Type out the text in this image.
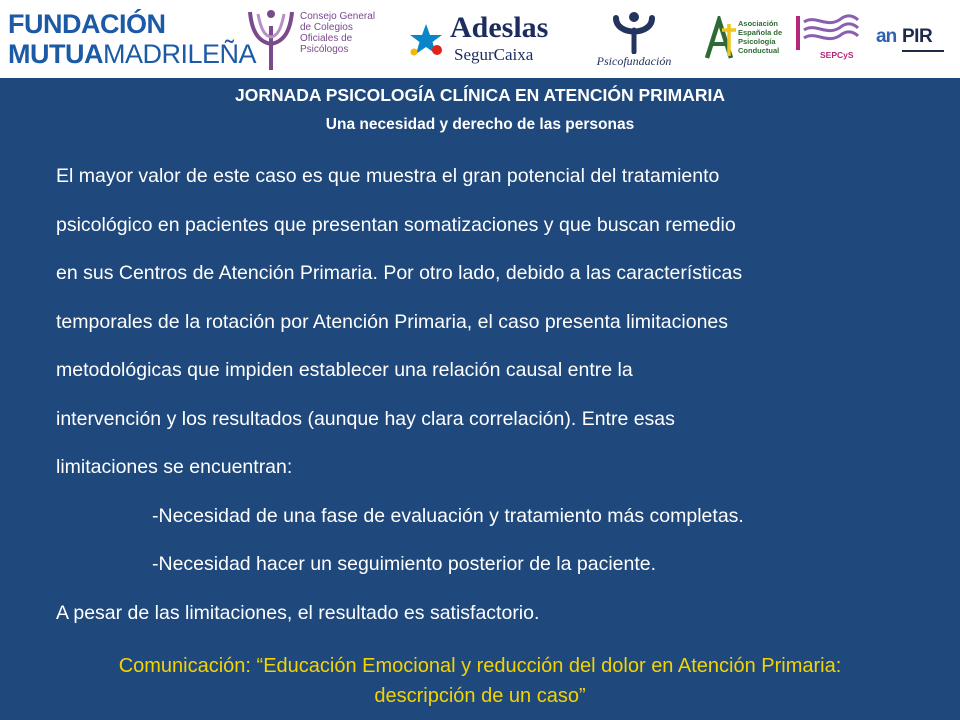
FUNDACIÓN
MUTUAMADRILEÑA
Consejo General de Colegios Oficiales de Psicólogos
Adeslas
SegurCaixa	Psicofundación
Asociación Española de Psicología Conductual	SEPCyS
an PIR
JORNADA PSICOLOGÍA CLÍNICA EN ATENCIÓN PRIMARIA
Una necesidad y derecho de las personas
El mayor valor de este caso es que muestra el gran potencial del tratamiento
psicológico en pacientes que presentan somatizaciones y que buscan remedio
en sus Centros de Atención Primaria. Por otro lado, debido a las características
temporales de la rotación por Atención Primaria, el caso presenta limitaciones
metodológicas que impiden establecer una relación causal entre la
intervención y los resultados (aunque hay clara correlación). Entre esas
limitaciones se encuentran:
-Necesidad de una fase de evaluación y tratamiento más completas.
-Necesidad hacer un seguimiento posterior de la paciente.
A pesar de las limitaciones, el resultado es satisfactorio.
Comunicación: “Educación Emocional y reducción del dolor en Atención Primaria:
descripción de un caso”
